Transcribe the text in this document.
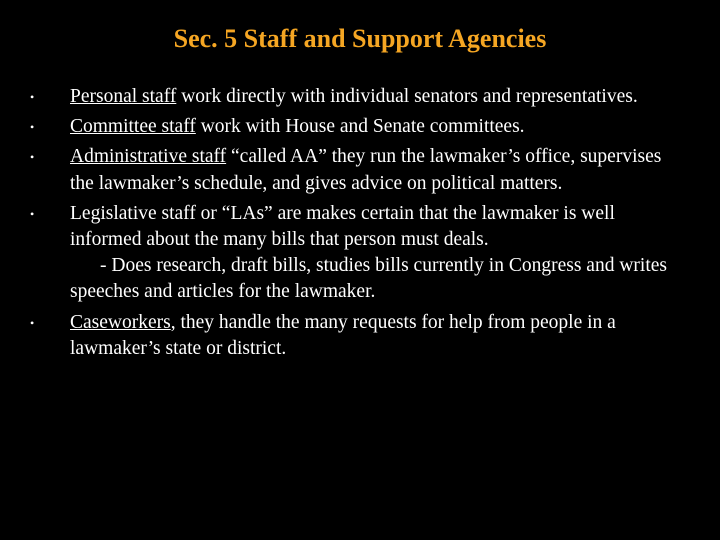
Sec. 5 Staff and Support Agencies
•	Personal staff work directly with individual senators and representatives.
•	Committee staff work with House and Senate committees.
•	Administrative staff “called AA” they run the lawmaker’s office, supervises the lawmaker’s schedule, and gives advice on political matters.
•	Legislative staff or “LAs” are makes certain that the lawmaker is well informed about the many bills that person must deals.
- Does research, draft bills, studies bills currently in Congress and writes speeches and articles for the lawmaker.
•	Caseworkers, they handle the many requests for help from people in a lawmaker’s state or district.
